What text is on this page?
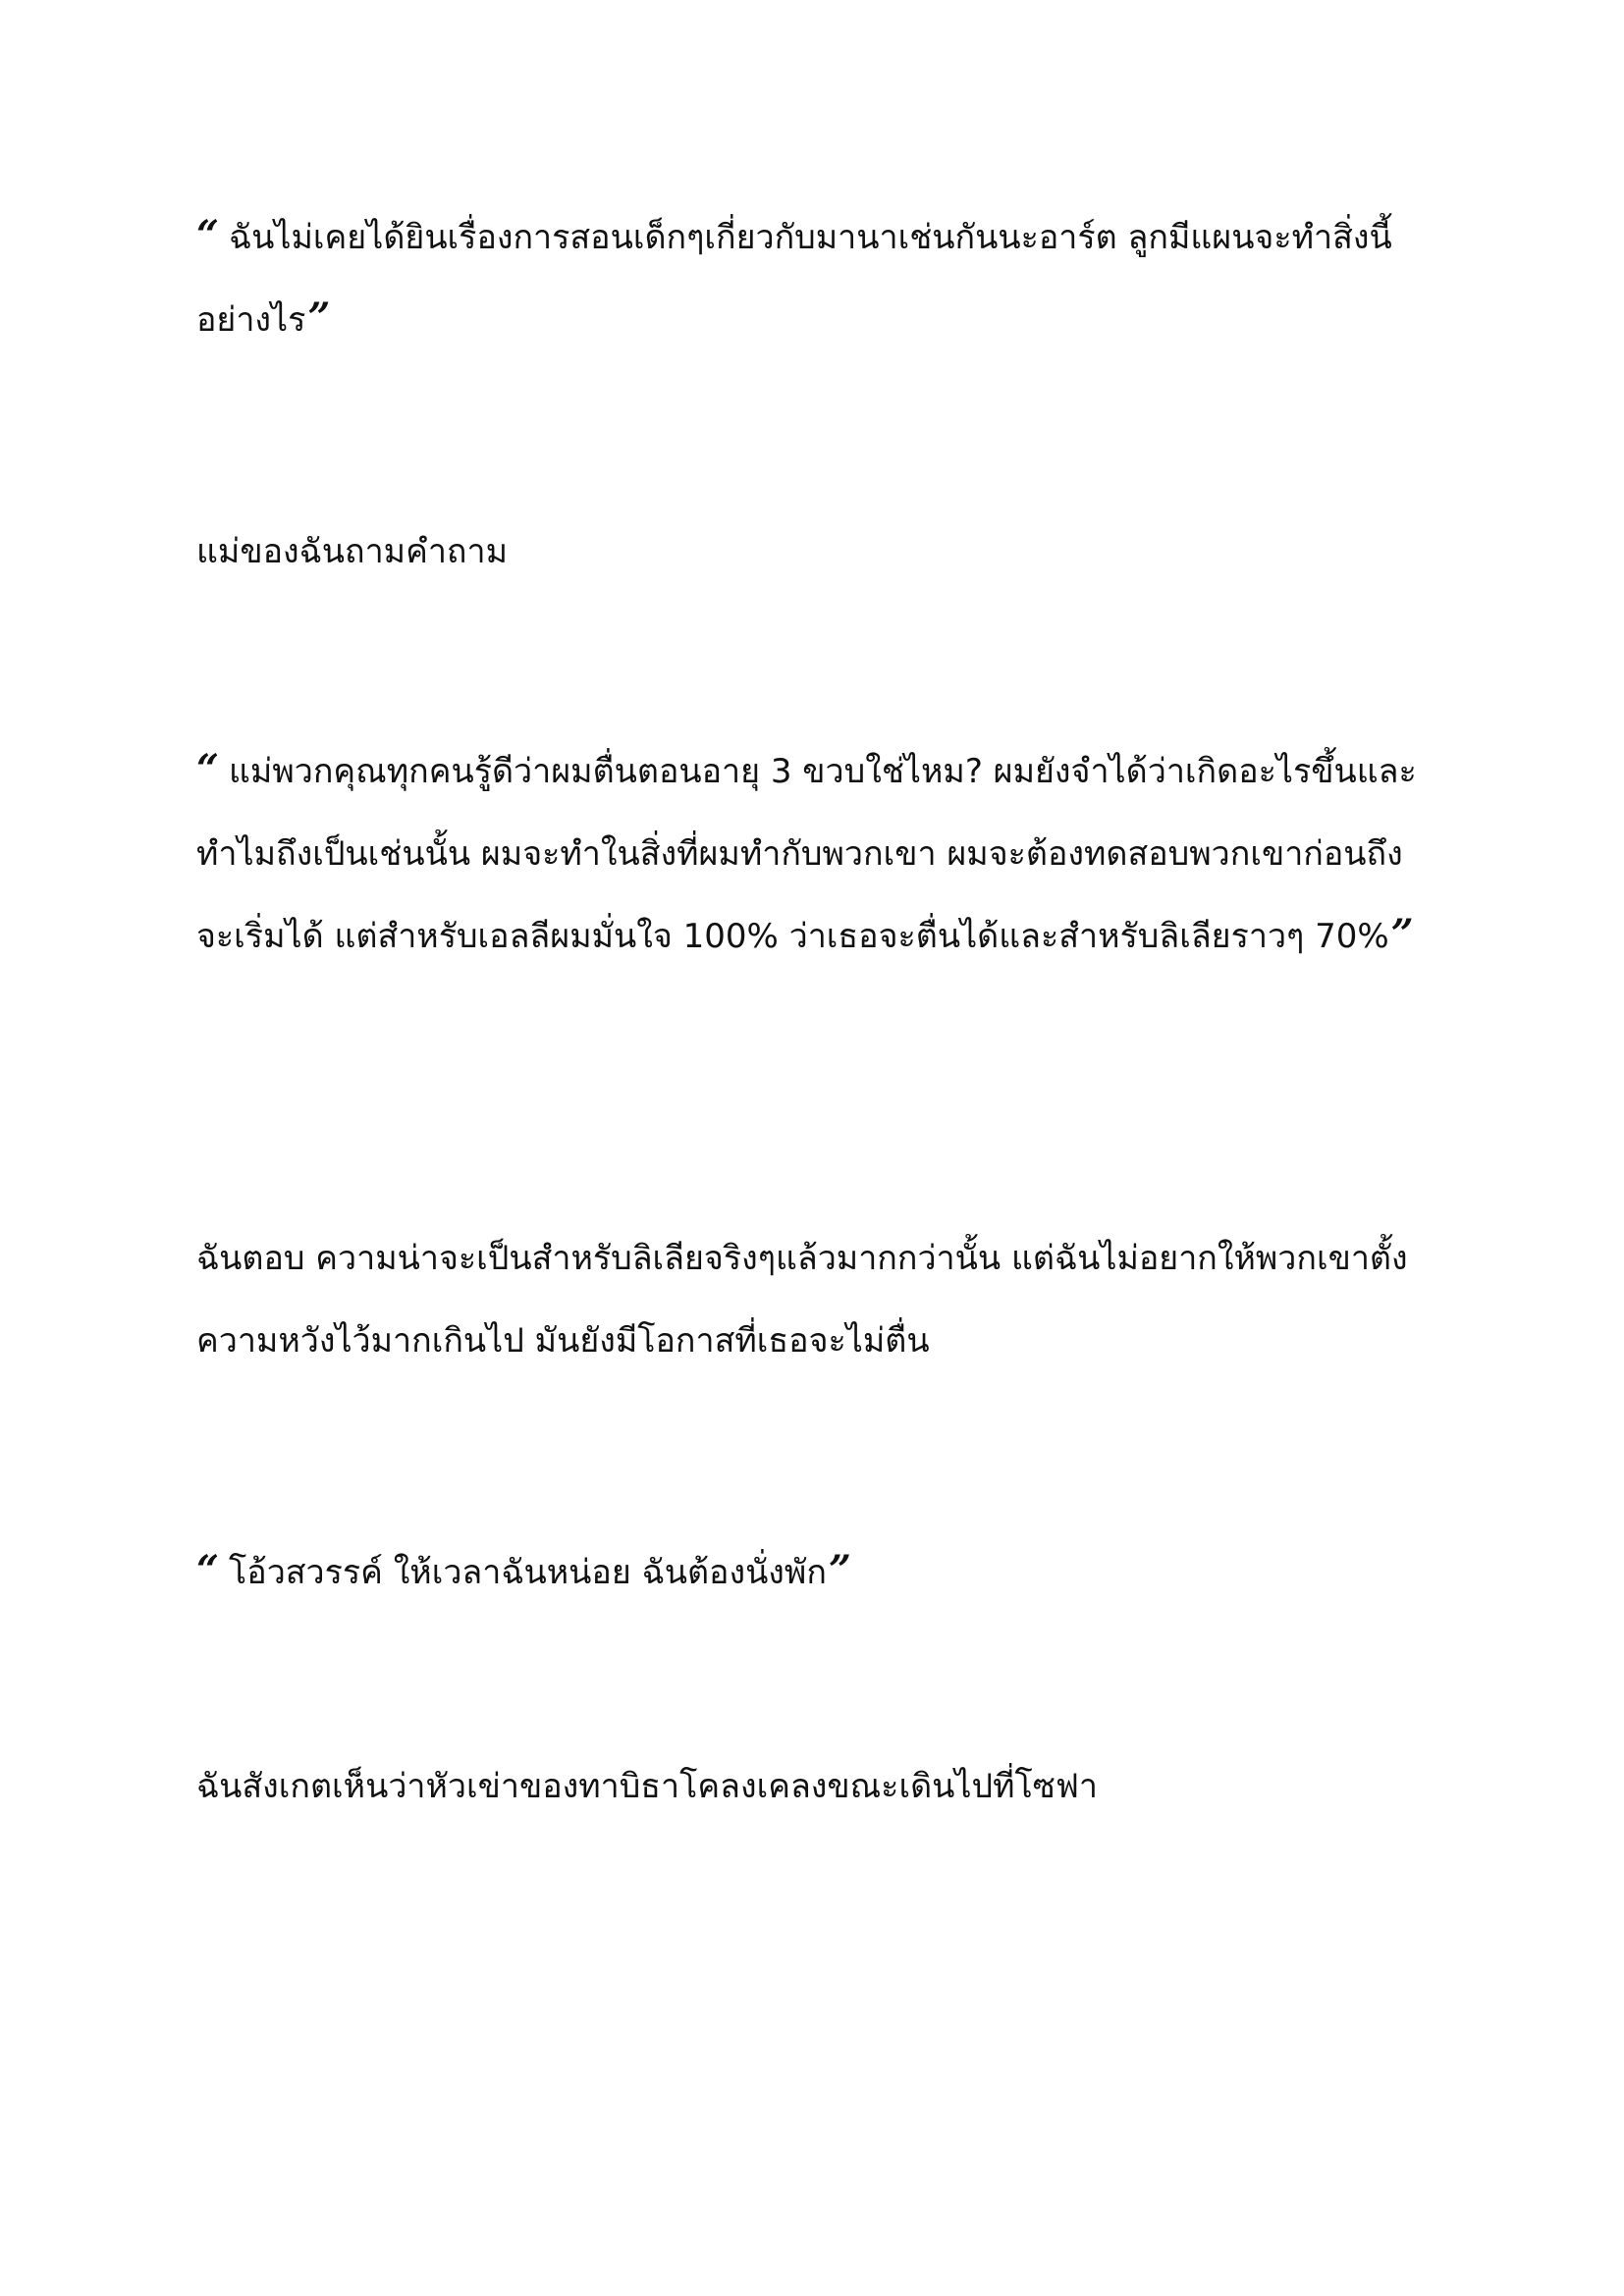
“ ฉันไม่เคยได้ยินเรื่องการสอนเด็กๆเกี่ยวกับมานาเช่นกันนะอาร์ต ลูกมีแผนจะทำสิ่งนี้อย่างไร”

แม่ของฉันถามคำถาม

“ แม่พวกคุณทุกคนรู้ดีว่าผมตื่นตอนอายุ 3 ขวบใช่ไหม? ผมยังจำได้ว่าเกิดอะไรขึ้นและทำไมถึงเป็นเช่นนั้น ผมจะทำในสิ่งที่ผมทำกับพวกเขา ผมจะต้องทดสอบพวกเขาก่อนถึงจะเริ่มได้ แต่สำหรับเอลลีผมมั่นใจ 100% ว่าเธอจะตื่นได้และสำหรับลิเลียราวๆ 70%”

ฉันตอบ ความน่าจะเป็นสำหรับลิเลียจริงๆแล้วมากกว่านั้น แต่ฉันไม่อยากให้พวกเขาตั้งความหวังไว้มากเกินไป มันยังมีโอกาสที่เธอจะไม่ตื่น

“ โอ้วสวรรค์ ให้เวลาฉันหน่อย ฉันต้องนั่งพัก”

ฉันสังเกตเห็นว่าหัวเข่าของทาบิธาโคลงเคลงขณะเดินไปที่โซฟา
